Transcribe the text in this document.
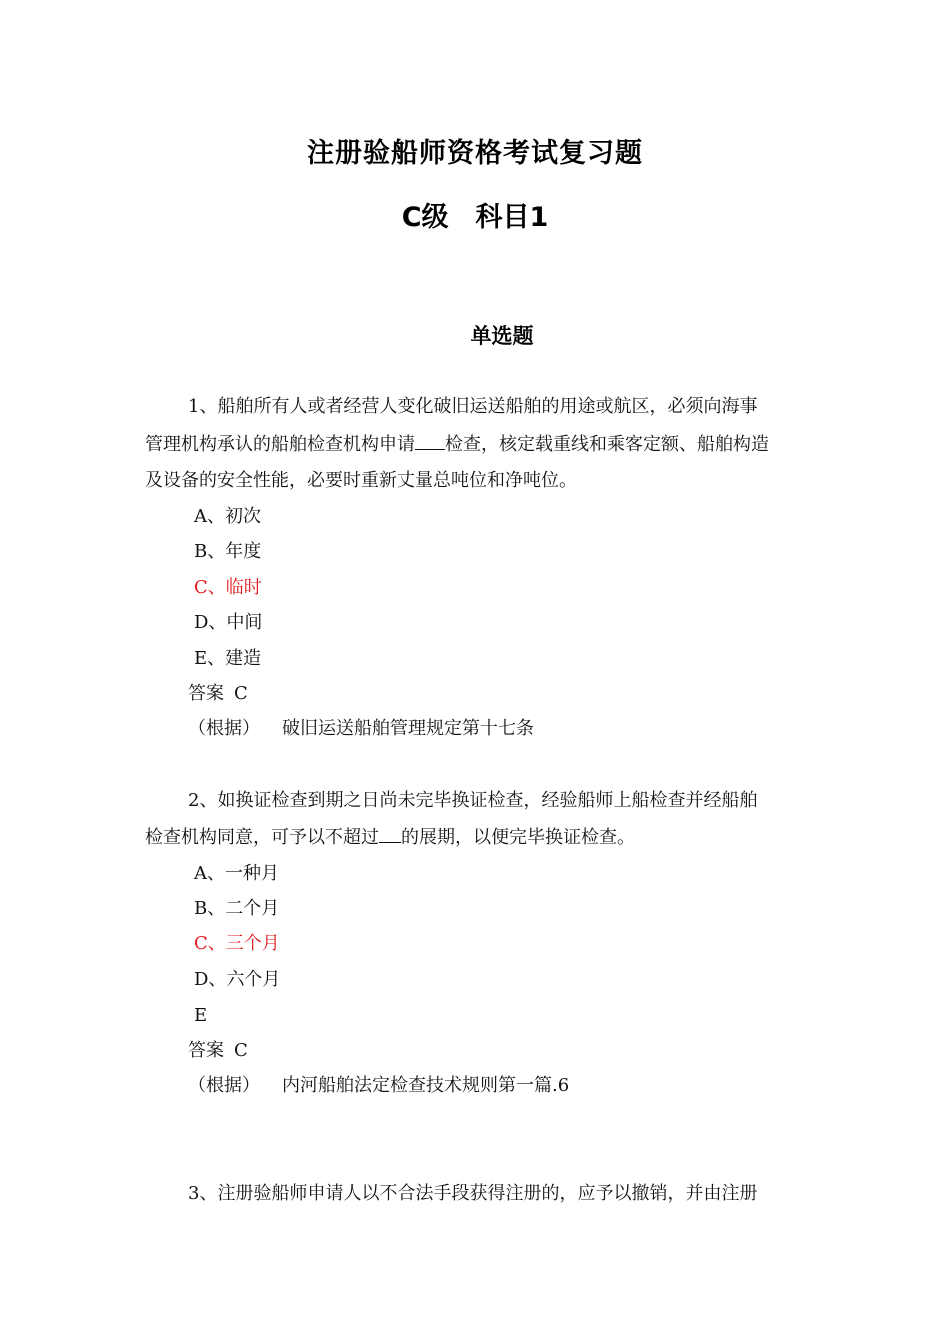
注册验船师资格考试复习题
C级　科目1
单选题
1、船舶所有人或者经营人变化破旧运送船舶的用途或航区，必须向海事
管理机构承认的船舶检查机构申请 检查，核定载重线和乘客定额、船舶构造
及设备的安全性能，必要时重新丈量总吨位和净吨位。
A、初次
B、年度
C、临时
D、中间
E、建造
答案 C
（根据） 破旧运送船舶管理规定第十七条
2、如换证检查到期之日尚未完毕换证检查，经验船师上船检查并经船舶
检查机构同意，可予以不超过 的展期，以便完毕换证检查。
A、一种月
B、二个月
C、三个月
D、六个月
E
答案 C
（根据） 内河船舶法定检查技术规则第一篇.6
3、注册验船师申请人以不合法手段获得注册的，应予以撤销，并由注册
